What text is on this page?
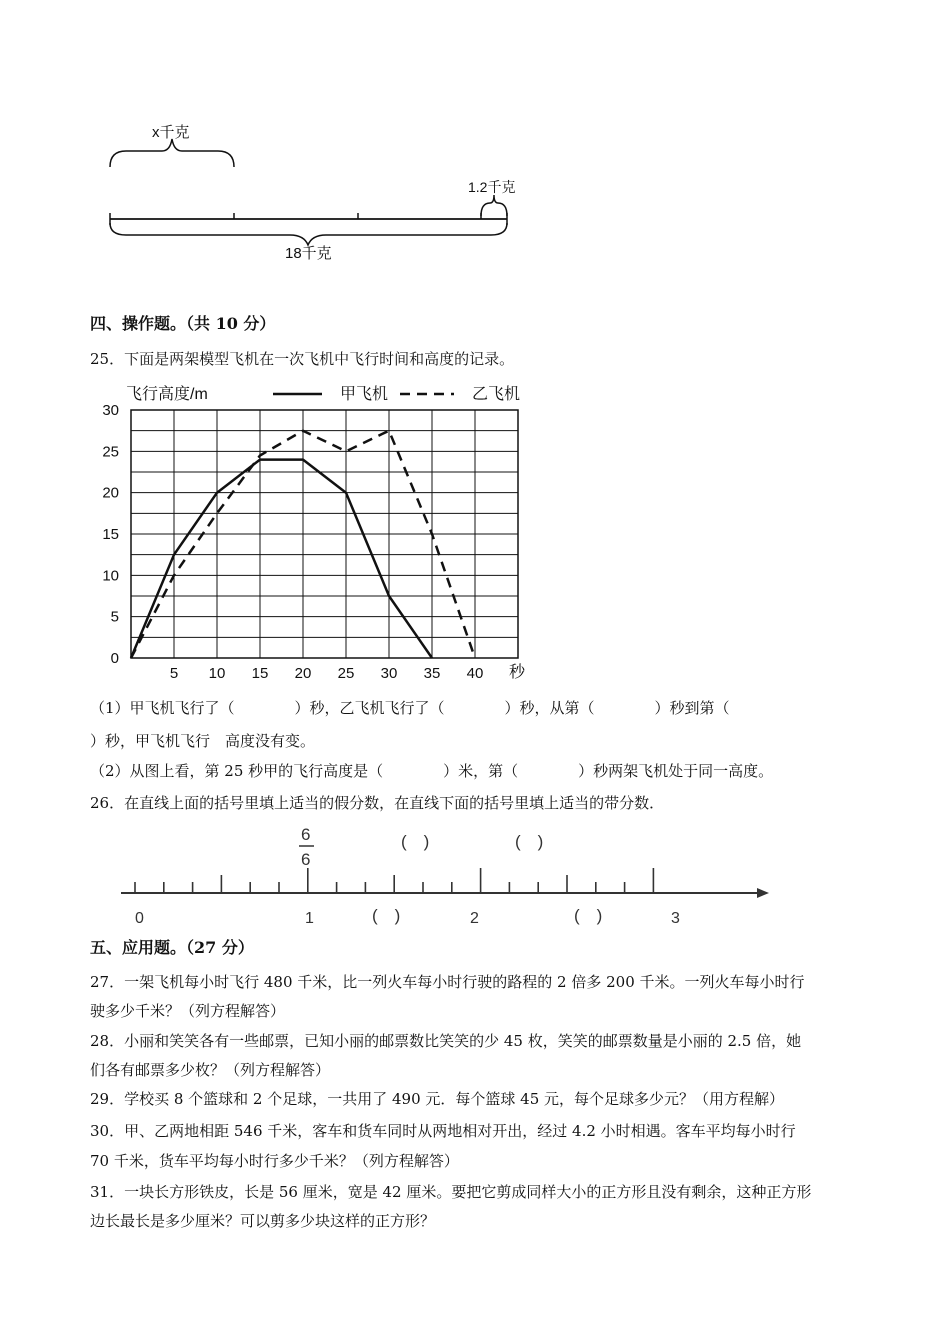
x千克
1.2千克
18千克
四、操作题。（共 10 分）
25．下面是两架模型飞机在一次飞机中飞行时间和高度的记录。
飞行高度/m	甲飞机	乙飞机
0
5
10
15
20
25
30
5 10 15 20 25 30 35 40 秒
（1）甲飞机飞行了（　　　　）秒，乙飞机飞行了（　　　　）秒，从第（　　　　）秒到第（
）秒，甲飞机飞行　高度没有变。
（2）从图上看，第 25 秒甲的飞行高度是（　　　　）米，第（　　　　）秒两架飞机处于同一高度。
26．在直线上面的括号里填上适当的假分数，在直线下面的括号里填上适当的带分数．
6
6
(　)	(　)
0	1	(　)	2	(　)	3
五、应用题。（27 分）
27．一架飞机每小时飞行 480 千米，比一列火车每小时行驶的路程的 2 倍多 200 千米。一列火车每小时行
驶多少千米？（列方程解答）
28．小丽和笑笑各有一些邮票，已知小丽的邮票数比笑笑的少 45 枚，笑笑的邮票数量是小丽的 2.5 倍，她
们各有邮票多少枚？（列方程解答）
29．学校买 8 个篮球和 2 个足球，一共用了 490 元．每个篮球 45 元，每个足球多少元？（用方程解）
30．甲、乙两地相距 546 千米，客车和货车同时从两地相对开出，经过 4.2 小时相遇。客车平均每小时行
70 千米，货车平均每小时行多少千米？（列方程解答）
31．一块长方形铁皮，长是 56 厘米，宽是 42 厘米。要把它剪成同样大小的正方形且没有剩余，这种正方形
边长最长是多少厘米？可以剪多少块这样的正方形？
